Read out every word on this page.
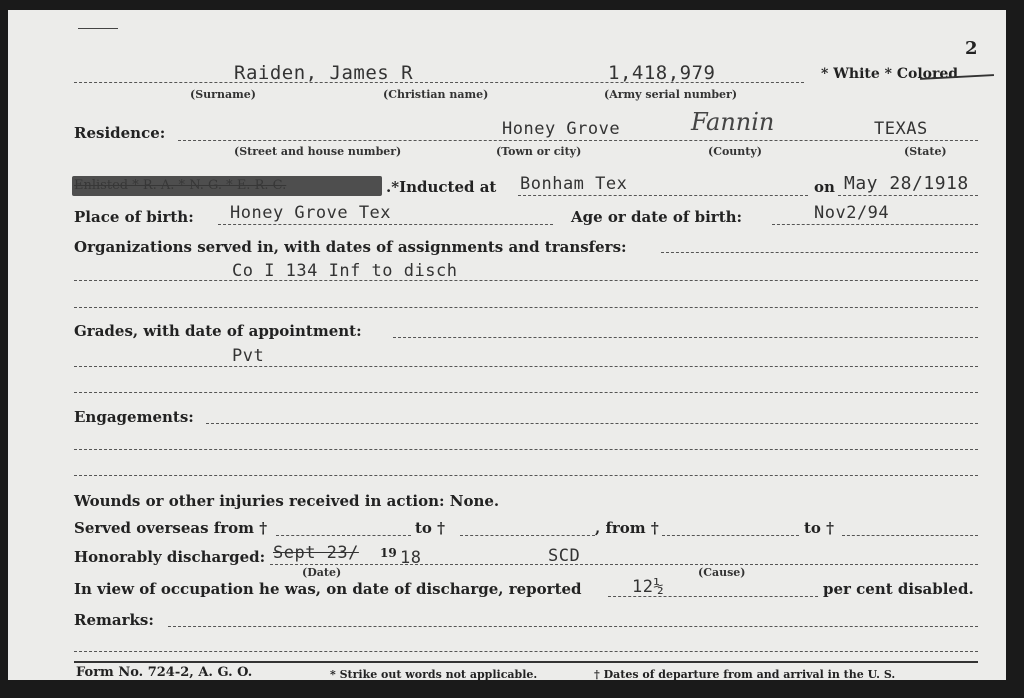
2
Raiden, James R	1,418,979	* White * Colored
(Surname)	(Christian name)	(Army serial number)
Residence:	Honey Grove	Fannin	TEXAS
(Street and house number)	(Town or city)	(County)	(State)
.*Inducted at Bonham Tex	on May 28/1918
Place of birth: Honey Grove Tex	Age or date of birth:	Nov2/94
Organizations served in, with dates of assignments and transfers:
Co I 134 Inf to disch
Grades, with date of appointment:
Pvt
Engagements:
Wounds or other injuries received in action: None.
Served overseas from †	to †	, from †	to †
Honorably discharged: Sept 23/ 19 18	SCD
(Date)	(Cause)
In view of occupation he was, on date of discharge, reported	12½	per cent disabled.
Remarks:
Form No. 724-2, A. G. O.	* Strike out words not applicable.	† Dates of departure from and arrival in the U. S.
